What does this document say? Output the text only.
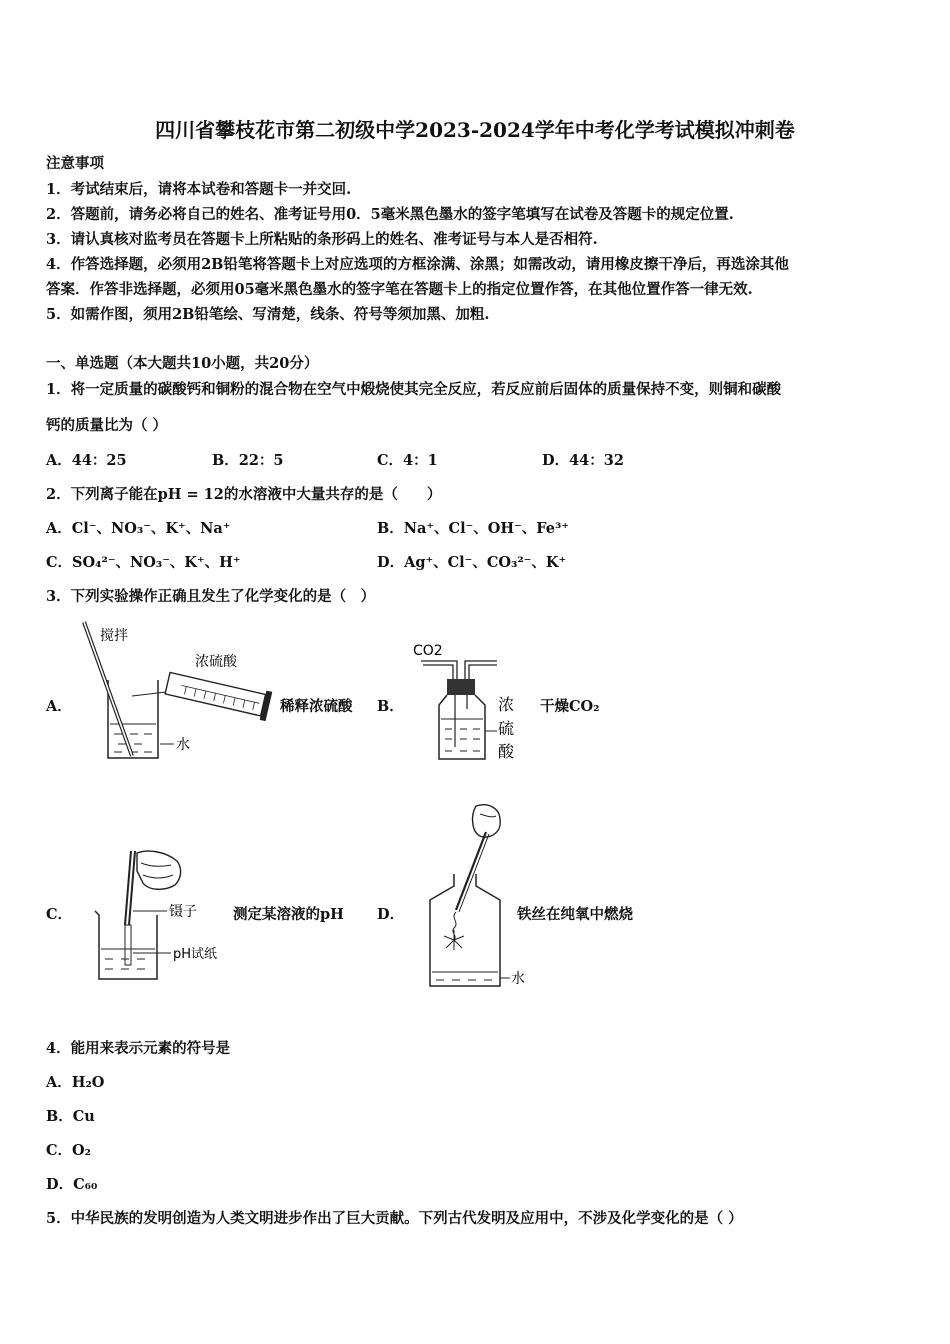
四川省攀枝花市第二初级中学2023-2024学年中考化学考试模拟冲刺卷
注意事项
1．考试结束后，请将本试卷和答题卡一并交回.
2．答题前，请务必将自己的姓名、准考证号用0．5毫米黑色墨水的签字笔填写在试卷及答题卡的规定位置.
3．请认真核对监考员在答题卡上所粘贴的条形码上的姓名、准考证号与本人是否相符.
4．作答选择题，必须用2B铅笔将答题卡上对应选项的方框涂满、涂黑；如需改动，请用橡皮擦干净后，再选涂其他
答案．作答非选择题，必须用05毫米黑色墨水的签字笔在答题卡上的指定位置作答，在其他位置作答一律无效.
5．如需作图，须用2B铅笔绘、写清楚，线条、符号等须加黑、加粗.
一、单选题（本大题共10小题，共20分）
1．将一定质量的碳酸钙和铜粉的混合物在空气中煅烧使其完全反应，若反应前后固体的质量保持不变，则铜和碳酸
钙的质量比为（ ）
A．44：25	B．22：5	C．4：1	D．44：32
2．下列离子能在pH = 12的水溶液中大量共存的是（　　）
A．Cl⁻、NO₃⁻、K⁺、Na⁺	B．Na⁺、Cl⁻、OH⁻、Fe³⁺
C．SO₄²⁻、NO₃⁻、K⁺、H⁺	D．Ag⁺、Cl⁻、CO₃²⁻、K⁺
3．下列实验操作正确且发生了化学变化的是（　）
A．
水
搅拌
浓硫酸
稀释浓硫酸 B．
CO2
浓
硫
酸
干燥CO₂
C．	镊子
pH试纸
测定某溶液的pH D．
水
铁丝在纯氧中燃烧
4．能用来表示元素的符号是
A．H₂O
B．Cu
C．O₂
D．C₆₀
5．中华民族的发明创造为人类文明进步作出了巨大贡献。下列古代发明及应用中，不涉及化学变化的是（ ）
